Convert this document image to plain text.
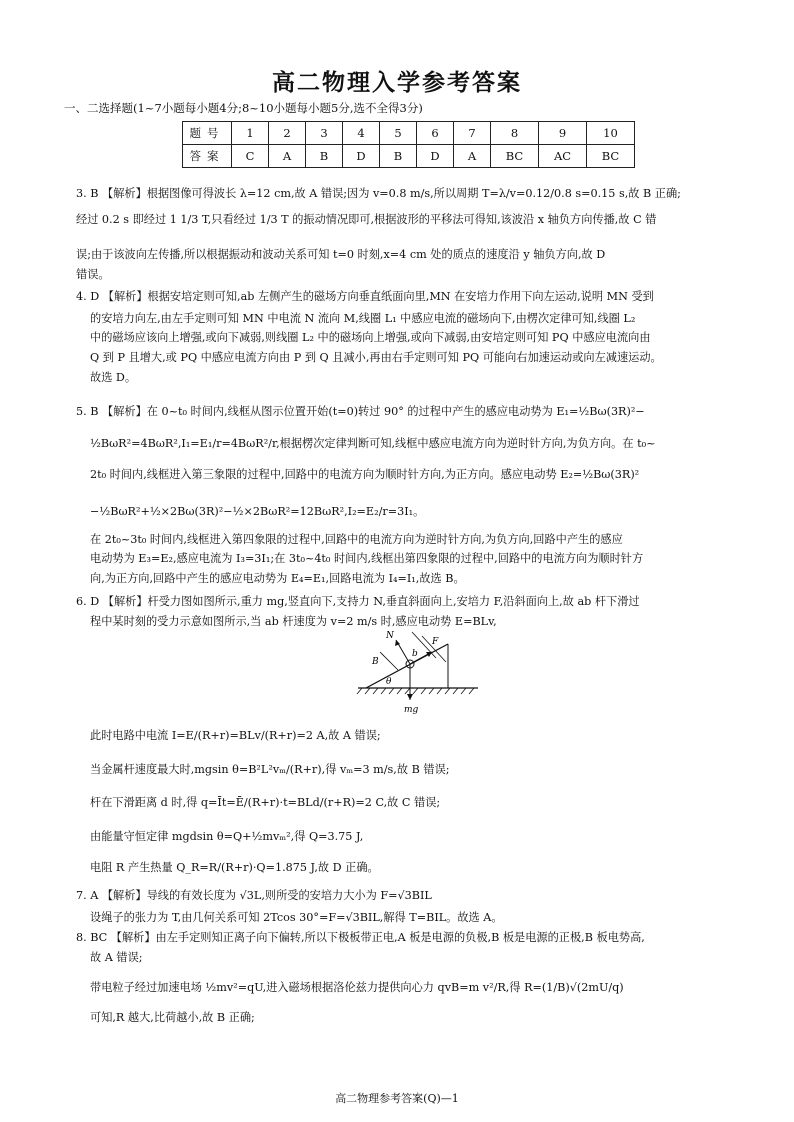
高二物理入学参考答案
一、二选择题(1~7小题每小题4分;8~10小题每小题5分,选不全得3分)
题号	1	2	3	4	5	6	7	8	9	10
答案	C	A	B	D	B	D	A	BC	AC	BC
3. B 【解析】根据图像可得波长 λ=12 cm,故 A 错误;因为 v=0.8 m/s,所以周期 T=λ/v=0.12/0.8 s=0.15 s,故 B 正确;
经过 0.2 s 即经过 1 1/3 T,只看经过 1/3 T 的振动情况即可,根据波形的平移法可得知,该波沿 x 轴负方向传播,故 C 错
误;由于该波向左传播,所以根据振动和波动关系可知 t=0 时刻,x=4 cm 处的质点的速度沿 y 轴负方向,故 D
错误。
4. D 【解析】根据安培定则可知,ab 左侧产生的磁场方向垂直纸面向里,MN 在安培力作用下向左运动,说明 MN 受到
的安培力向左,由左手定则可知 MN 中电流 N 流向 M,线圈 L₁ 中感应电流的磁场向下,由楞次定律可知,线圈 L₂
中的磁场应该向上增强,或向下减弱,则线圈 L₂ 中的磁场向上增强,或向下减弱,由安培定则可知 PQ 中感应电流向由
Q 到 P 且增大,或 PQ 中感应电流方向由 P 到 Q 且减小,再由右手定则可知 PQ 可能向右加速运动或向左减速运动。
故选 D。
5. B 【解析】在 0~t₀ 时间内,线框从图示位置开始(t=0)转过 90° 的过程中产生的感应电动势为 E₁=½Bω(3R)²−
½BωR²=4BωR²,I₁=E₁/r=4BωR²/r,根据楞次定律判断可知,线框中感应电流方向为逆时针方向,为负方向。在 t₀~
2t₀ 时间内,线框进入第三象限的过程中,回路中的电流方向为顺时针方向,为正方向。感应电动势 E₂=½Bω(3R)²
−½BωR²+½×2Bω(3R)²−½×2BωR²=12BωR²,I₂=E₂/r=3I₁。
在 2t₀~3t₀ 时间内,线框进入第四象限的过程中,回路中的电流方向为逆时针方向,为负方向,回路中产生的感应
电动势为 E₃=E₂,感应电流为 I₃=3I₁;在 3t₀~4t₀ 时间内,线框出第四象限的过程中,回路中的电流方向为顺时针方
向,为正方向,回路中产生的感应电动势为 E₄=E₁,回路电流为 I₄=I₁,故选 B。
6. D 【解析】杆受力图如图所示,重力 mg,竖直向下,支持力 N,垂直斜面向上,安培力 F,沿斜面向上,故 ab 杆下滑过
程中某时刻的受力示意如图所示,当 ab 杆速度为 v=2 m/s 时,感应电动势 E=BLv,
N
b
F
B
θ
mg
此时电路中电流 I=E/(R+r)=BLv/(R+r)=2 A,故 A 错误;
当金属杆速度最大时,mgsin θ=B²L²vₘ/(R+r),得 vₘ=3 m/s,故 B 错误;
杆在下滑距离 d 时,得 q=Īt=Ē/(R+r)·t=BLd/(r+R)=2 C,故 C 错误;
由能量守恒定律 mgdsin θ=Q+½mvₘ²,得 Q=3.75 J,
电阻 R 产生热量 Q_R=R/(R+r)·Q=1.875 J,故 D 正确。
7. A 【解析】导线的有效长度为 √3L,则所受的安培力大小为 F=√3BIL
设绳子的张力为 T,由几何关系可知 2Tcos 30°=F=√3BIL,解得 T=BIL。故选 A。
8. BC 【解析】由左手定则知正离子向下偏转,所以下极板带正电,A 板是电源的负极,B 板是电源的正极,B 板电势高,
故 A 错误;
带电粒子经过加速电场 ½mv²=qU,进入磁场根据洛伦兹力提供向心力 qvB=m v²/R,得 R=(1/B)√(2mU/q)
可知,R 越大,比荷越小,故 B 正确;
高二物理参考答案(Q)—1
